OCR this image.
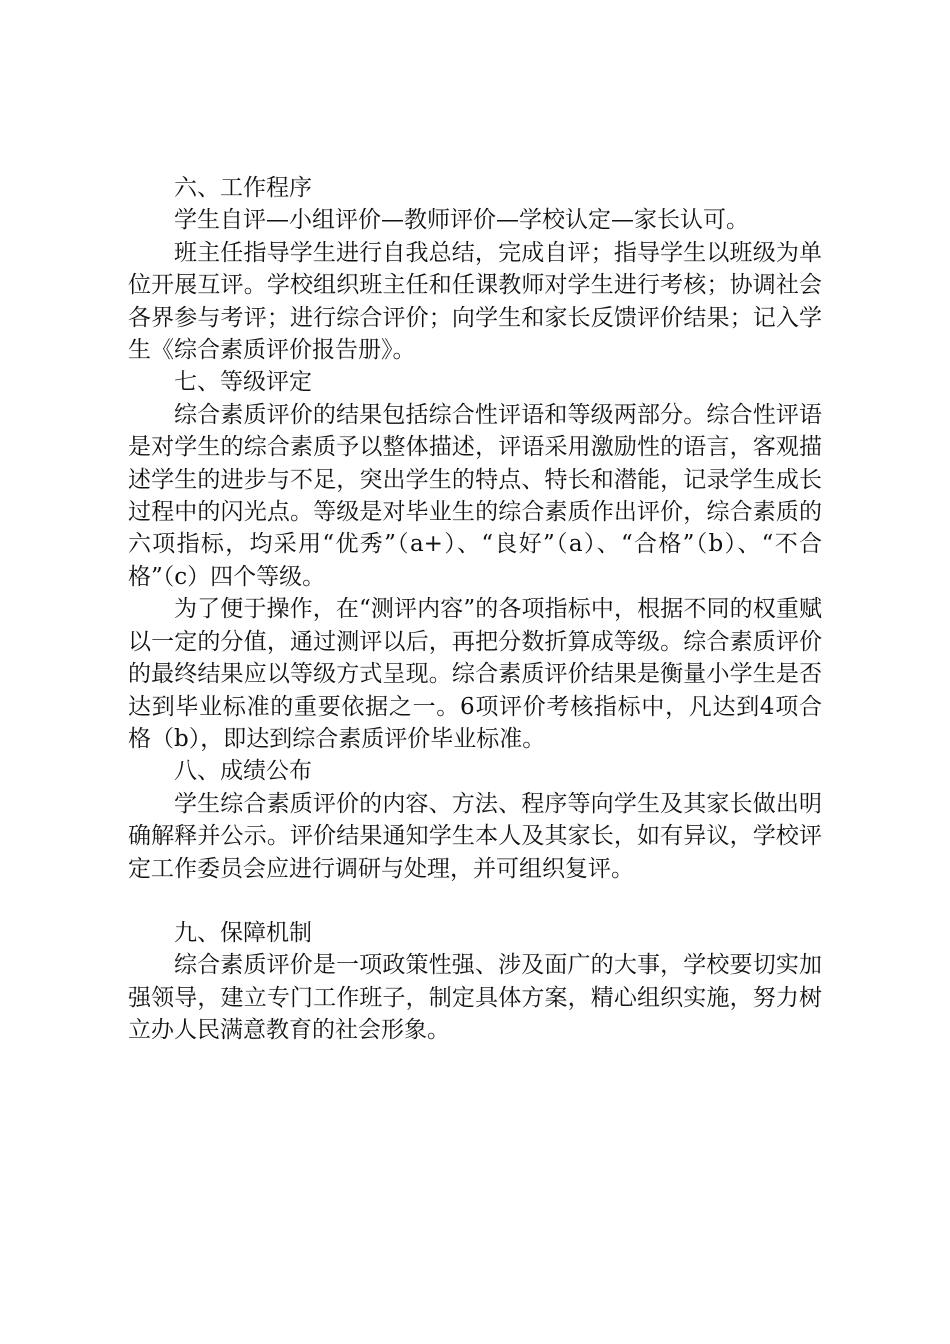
六、工作程序

学生自评—小组评价—教师评价—学校认定—家长认可。

班主任指导学生进行自我总结，完成自评；指导学生以班级为单位开展互评。学校组织班主任和任课教师对学生进行考核；协调社会各界参与考评；进行综合评价；向学生和家长反馈评价结果；记入学生《综合素质评价报告册》。

七、等级评定

综合素质评价的结果包括综合性评语和等级两部分。综合性评语是对学生的综合素质予以整体描述，评语采用激励性的语言，客观描述学生的进步与不足，突出学生的特点、特长和潜能，记录学生成长过程中的闪光点。等级是对毕业生的综合素质作出评价，综合素质的六项指标，均采用“优秀”（a+）、“良好”（a）、“合格”（b）、“不合格”（c）四个等级。

为了便于操作，在“测评内容”的各项指标中，根据不同的权重赋以一定的分值，通过测评以后，再把分数折算成等级。综合素质评价的最终结果应以等级方式呈现。综合素质评价结果是衡量小学生是否达到毕业标准的重要依据之一。6项评价考核指标中，凡达到4项合格（b），即达到综合素质评价毕业标准。

八、成绩公布

学生综合素质评价的内容、方法、程序等向学生及其家长做出明确解释并公示。评价结果通知学生本人及其家长，如有异议，学校评定工作委员会应进行调研与处理，并可组织复评。

九、保障机制

综合素质评价是一项政策性强、涉及面广的大事，学校要切实加强领导，建立专门工作班子，制定具体方案，精心组织实施，努力树立办人民满意教育的社会形象。
